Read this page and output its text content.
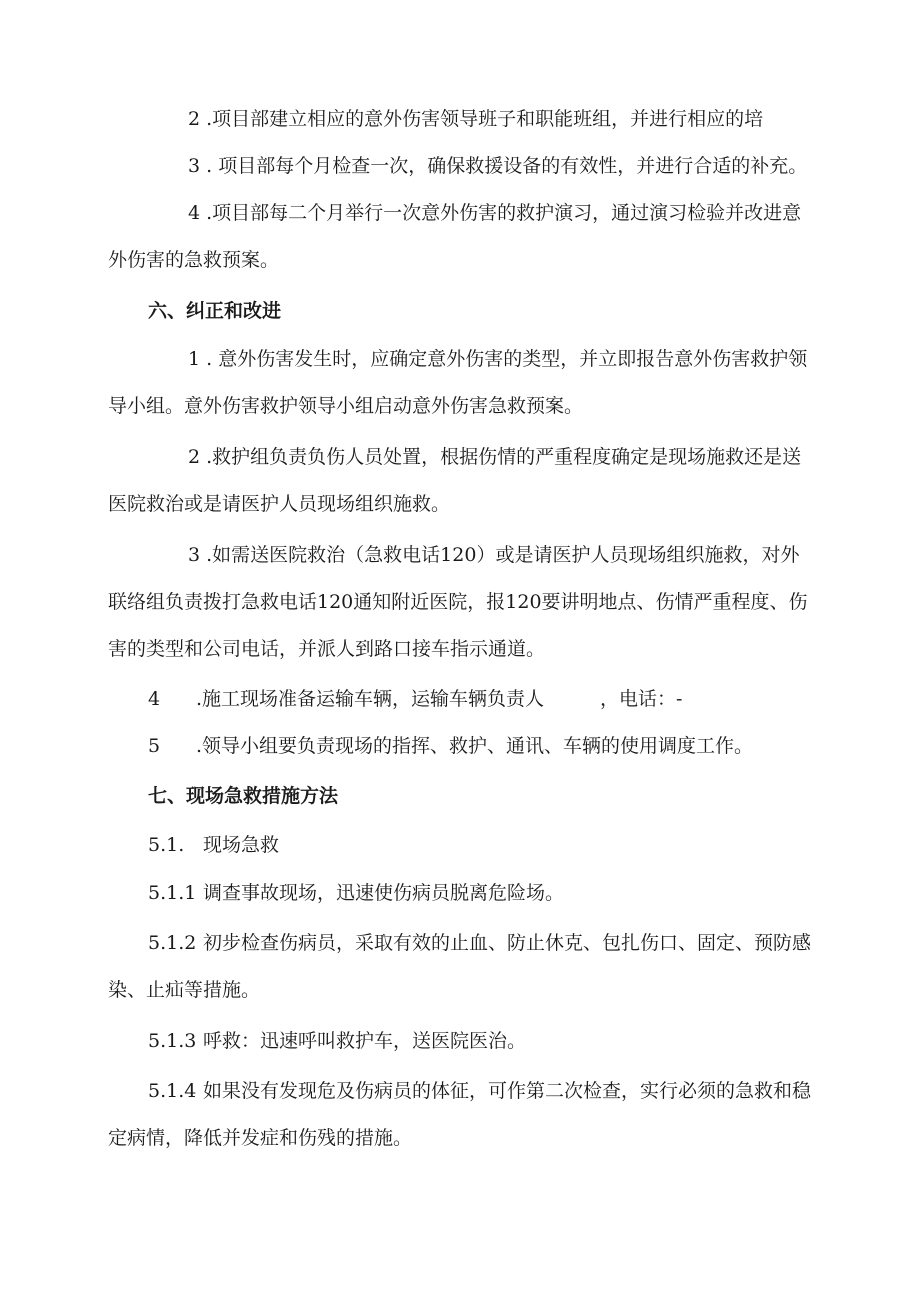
2 .项目部建立相应的意外伤害领导班子和职能班组，并进行相应的培

3 . 项目部每个月检查一次，确保救援设备的有效性，并进行合适的补充。

4 .项目部每二个月举行一次意外伤害的救护演习，通过演习检验并改进意外伤害的急救预案。

六、纠正和改进

1 . 意外伤害发生时，应确定意外伤害的类型，并立即报告意外伤害救护领导小组。意外伤害救护领导小组启动意外伤害急救预案。

2 .救护组负责负伤人员处置，根据伤情的严重程度确定是现场施救还是送医院救治或是请医护人员现场组织施救。

3 .如需送医院救治（急救电话120）或是请医护人员现场组织施救，对外联络组负责拨打急救电话120通知附近医院，报120要讲明地点、伤情严重程度、伤害的类型和公司电话，并派人到路口接车指示通道。

4 .施工现场准备运输车辆，运输车辆负责人	，电话：-

5 .领导小组要负责现场的指挥、救护、通讯、车辆的使用调度工作。

七、现场急救措施方法

5.1. 现场急救

5.1.1 调查事故现场，迅速使伤病员脱离危险场。

5.1.2 初步检查伤病员，采取有效的止血、防止休克、包扎伤口、固定、预防感染、止疝等措施。

5.1.3 呼救：迅速呼叫救护车，送医院医治。

5.1.4 如果没有发现危及伤病员的体征，可作第二次检查，实行必须的急救和稳定病情，降低并发症和伤残的措施。
